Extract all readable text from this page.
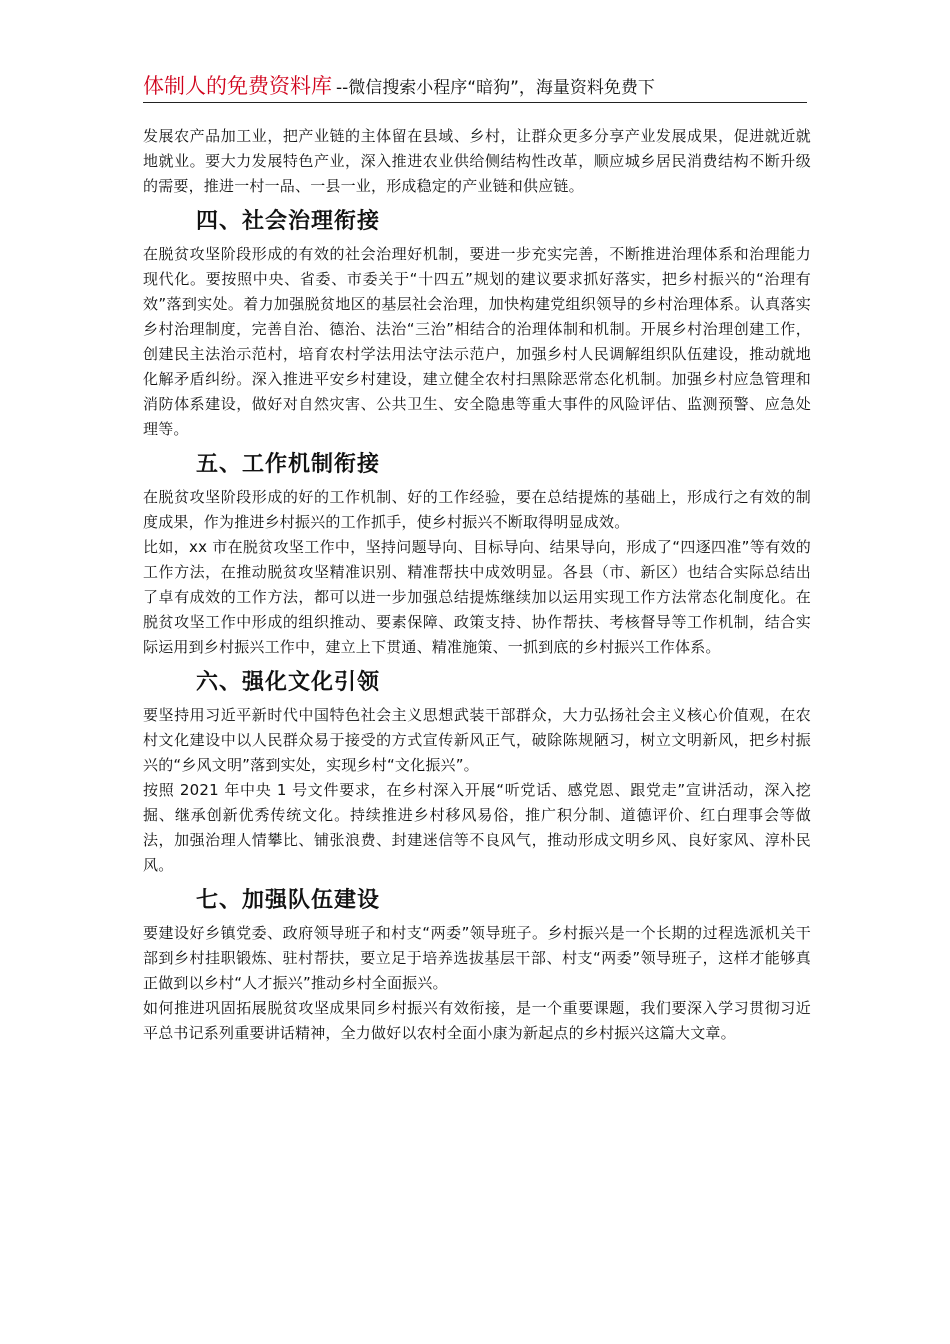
体制人的免费资料库 --微信搜索小程序“暗狗”，海量资料免费下

发展农产品加工业，把产业链的主体留在县域、乡村，让群众更多分享产业发展成果，促进就近就地就业。要大力发展特色产业，深入推进农业供给侧结构性改革，顺应城乡居民消费结构不断升级的需要，推进一村一品、一县一业，形成稳定的产业链和供应链。

四、社会治理衔接

在脱贫攻坚阶段形成的有效的社会治理好机制，要进一步充实完善，不断推进治理体系和治理能力现代化。要按照中央、省委、市委关于“十四五”规划的建议要求抓好落实，把乡村振兴的“治理有效”落到实处。着力加强脱贫地区的基层社会治理，加快构建党组织领导的乡村治理体系。认真落实乡村治理制度，完善自治、德治、法治“三治”相结合的治理体制和机制。开展乡村治理创建工作，创建民主法治示范村，培育农村学法用法守法示范户，加强乡村人民调解组织队伍建设，推动就地化解矛盾纠纷。深入推进平安乡村建设，建立健全农村扫黑除恶常态化机制。加强乡村应急管理和消防体系建设，做好对自然灾害、公共卫生、安全隐患等重大事件的风险评估、监测预警、应急处理等。

五、工作机制衔接

在脱贫攻坚阶段形成的好的工作机制、好的工作经验，要在总结提炼的基础上，形成行之有效的制度成果，作为推进乡村振兴的工作抓手，使乡村振兴不断取得明显成效。

比如，xx 市在脱贫攻坚工作中，坚持问题导向、目标导向、结果导向，形成了“四逐四准”等有效的工作方法，在推动脱贫攻坚精准识别、精准帮扶中成效明显。各县（市、新区）也结合实际总结出了卓有成效的工作方法，都可以进一步加强总结提炼继续加以运用实现工作方法常态化制度化。在脱贫攻坚工作中形成的组织推动、要素保障、政策支持、协作帮扶、考核督导等工作机制，结合实际运用到乡村振兴工作中，建立上下贯通、精准施策、一抓到底的乡村振兴工作体系。

六、强化文化引领

要坚持用习近平新时代中国特色社会主义思想武装干部群众，大力弘扬社会主义核心价值观，在农村文化建设中以人民群众易于接受的方式宣传新风正气，破除陈规陋习，树立文明新风，把乡村振兴的“乡风文明”落到实处，实现乡村“文化振兴”。

按照 2021 年中央 1 号文件要求，在乡村深入开展“听党话、感党恩、跟党走”宣讲活动，深入挖掘、继承创新优秀传统文化。持续推进乡村移风易俗，推广积分制、道德评价、红白理事会等做法，加强治理人情攀比、铺张浪费、封建迷信等不良风气，推动形成文明乡风、良好家风、淳朴民风。

七、加强队伍建设

要建设好乡镇党委、政府领导班子和村支“两委”领导班子。乡村振兴是一个长期的过程选派机关干部到乡村挂职锻炼、驻村帮扶，要立足于培养选拔基层干部、村支“两委”领导班子，这样才能够真正做到以乡村“人才振兴”推动乡村全面振兴。

如何推进巩固拓展脱贫攻坚成果同乡村振兴有效衔接，是一个重要课题，我们要深入学习贯彻习近平总书记系列重要讲话精神，全力做好以农村全面小康为新起点的乡村振兴这篇大文章。
